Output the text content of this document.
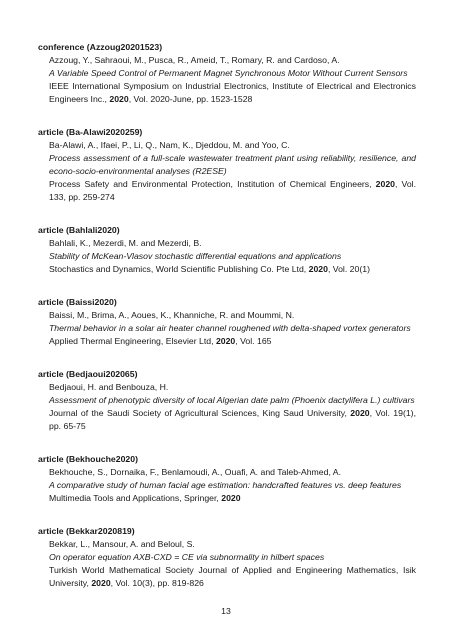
conference (Azzoug20201523)
Azzoug, Y., Sahraoui, M., Pusca, R., Ameid, T., Romary, R. and Cardoso, A.
A Variable Speed Control of Permanent Magnet Synchronous Motor Without Current Sensors
IEEE International Symposium on Industrial Electronics, Institute of Electrical and Electronics Engineers Inc., 2020, Vol. 2020-June, pp. 1523-1528
article (Ba-Alawi2020259)
Ba-Alawi, A., Ifaei, P., Li, Q., Nam, K., Djeddou, M. and Yoo, C.
Process assessment of a full-scale wastewater treatment plant using reliability, resilience, and econo-socio-environmental analyses (R2ESE)
Process Safety and Environmental Protection, Institution of Chemical Engineers, 2020, Vol. 133, pp. 259-274
article (Bahlali2020)
Bahlali, K., Mezerdi, M. and Mezerdi, B.
Stability of McKean-Vlasov stochastic differential equations and applications
Stochastics and Dynamics, World Scientific Publishing Co. Pte Ltd, 2020, Vol. 20(1)
article (Baissi2020)
Baissi, M., Brima, A., Aoues, K., Khanniche, R. and Moummi, N.
Thermal behavior in a solar air heater channel roughened with delta-shaped vortex generators
Applied Thermal Engineering, Elsevier Ltd, 2020, Vol. 165
article (Bedjaoui202065)
Bedjaoui, H. and Benbouza, H.
Assessment of phenotypic diversity of local Algerian date palm (Phoenix dactylifera L.) cultivars
Journal of the Saudi Society of Agricultural Sciences, King Saud University, 2020, Vol. 19(1), pp. 65-75
article (Bekhouche2020)
Bekhouche, S., Dornaika, F., Benlamoudi, A., Ouafi, A. and Taleb-Ahmed, A.
A comparative study of human facial age estimation: handcrafted features vs. deep features
Multimedia Tools and Applications, Springer, 2020
article (Bekkar2020819)
Bekkar, L., Mansour, A. and Beloul, S.
On operator equation AXB-CXD = CE via subnormality in hilbert spaces
Turkish World Mathematical Society Journal of Applied and Engineering Mathematics, Isik University, 2020, Vol. 10(3), pp. 819-826
13
